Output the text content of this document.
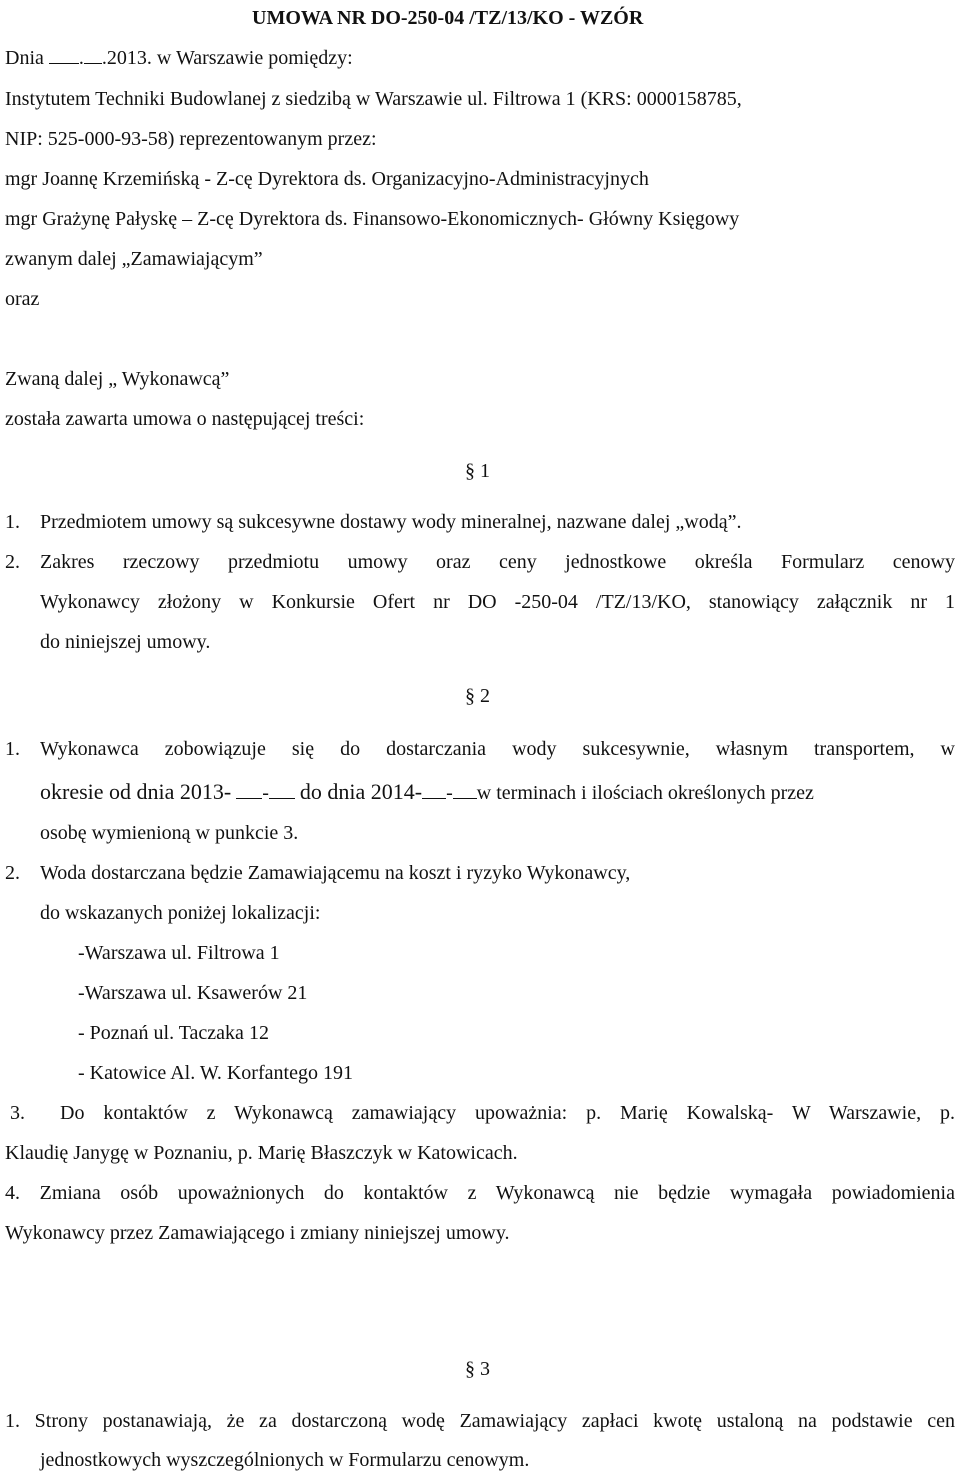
UMOWA NR DO-250-04 /TZ/13/KO - WZÓR
Dnia . .2013. w Warszawie pomiędzy:
Instytutem Techniki Budowlanej z siedzibą w Warszawie ul. Filtrowa 1 (KRS: 0000158785,
NIP: 525-000-93-58) reprezentowanym przez:
mgr Joannę Krzemińską - Z-cę Dyrektora ds. Organizacyjno-Administracyjnych
mgr Grażynę Pałyskę – Z-cę Dyrektora ds. Finansowo-Ekonomicznych- Główny Księgowy
zwanym dalej „Zamawiającym”
oraz
Zwaną dalej „ Wykonawcą”
została zawarta umowa o następującej treści:
§ 1
1. Przedmiotem umowy są sukcesywne dostawy wody mineralnej, nazwane dalej „wodą”.
2. Zakres rzeczowy przedmiotu umowy oraz ceny jednostkowe określa Formularz cenowy
Wykonawcy złożony w Konkursie Ofert nr DO -250-04 /TZ/13/KO, stanowiący załącznik nr 1
do niniejszej umowy.
§ 2
1. Wykonawca zobowiązuje się do dostarczania wody sukcesywnie, własnym transportem, w
okresie od dnia 2013- - do dnia 2014- - w terminach i ilościach określonych przez
osobę wymienioną w punkcie 3.
2. Woda dostarczana będzie Zamawiającemu na koszt i ryzyko Wykonawcy,
do wskazanych poniżej lokalizacji:
-Warszawa ul. Filtrowa 1
-Warszawa ul. Ksawerów 21
- Poznań ul. Taczaka 12
- Katowice Al. W. Korfantego 191
3. Do kontaktów z Wykonawcą zamawiający upoważnia: p. Marię Kowalską- W Warszawie, p.
Klaudię Janygę w Poznaniu, p. Marię Błaszczyk w Katowicach.
4. Zmiana osób upoważnionych do kontaktów z Wykonawcą nie będzie wymagała powiadomienia
Wykonawcy przez Zamawiającego i zmiany niniejszej umowy.
§ 3
1. Strony postanawiają, że za dostarczoną wodę Zamawiający zapłaci kwotę ustaloną na podstawie cen
jednostkowych wyszczególnionych w Formularzu cenowym.
